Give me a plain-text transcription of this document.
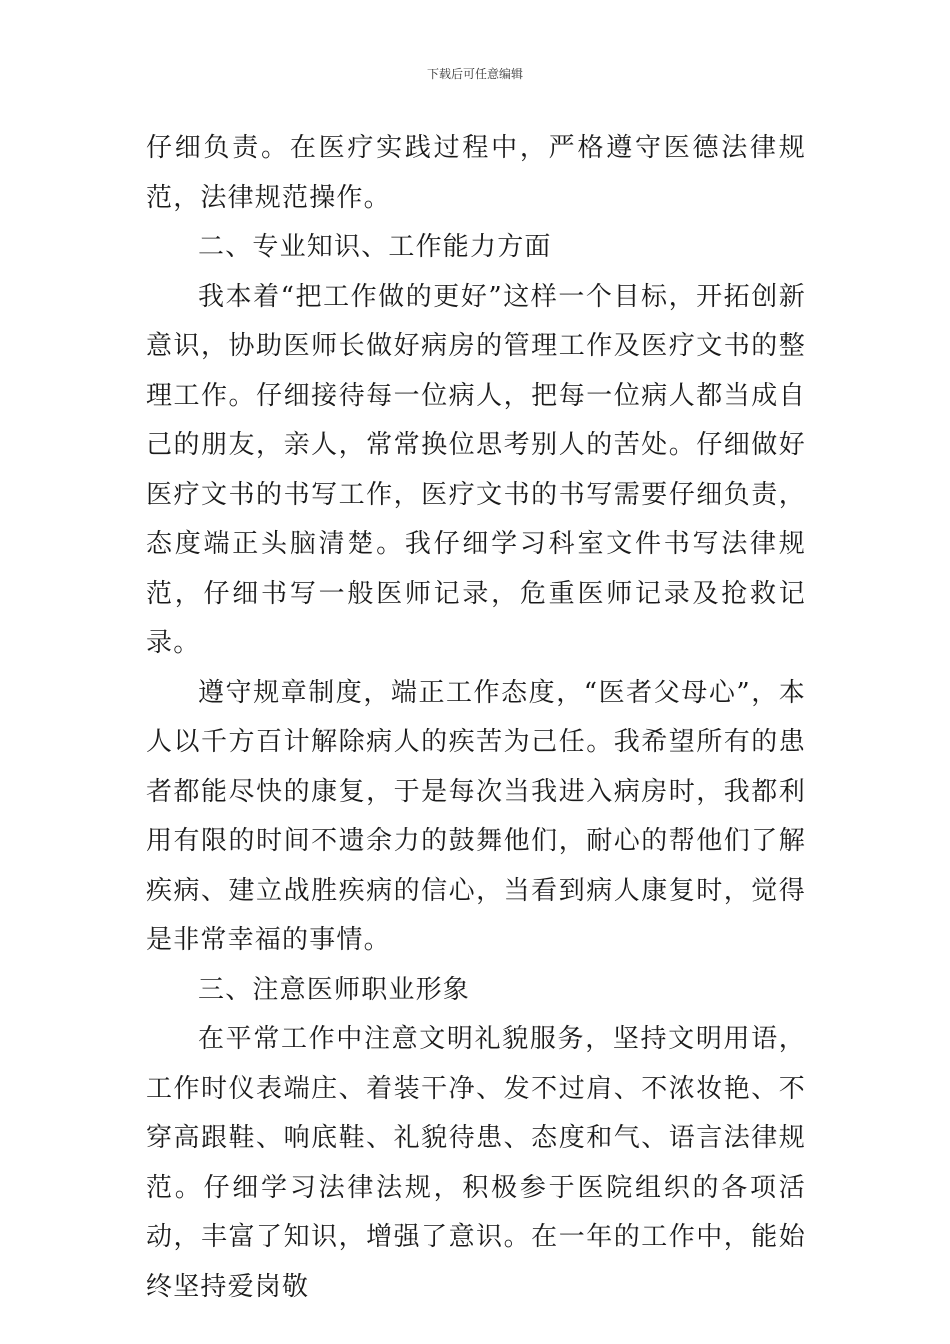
下载后可任意编辑

仔细负责。在医疗实践过程中，严格遵守医德法律规范，法律规范操作。

二、专业知识、工作能力方面

我本着“把工作做的更好”这样一个目标，开拓创新意识，协助医师长做好病房的管理工作及医疗文书的整理工作。仔细接待每一位病人，把每一位病人都当成自己的朋友，亲人，常常换位思考别人的苦处。仔细做好医疗文书的书写工作，医疗文书的书写需要仔细负责，态度端正头脑清楚。我仔细学习科室文件书写法律规范，仔细书写一般医师记录，危重医师记录及抢救记录。

遵守规章制度，端正工作态度，“医者父母心”，本人以千方百计解除病人的疾苦为己任。我希望所有的患者都能尽快的康复，于是每次当我进入病房时，我都利用有限的时间不遗余力的鼓舞他们，耐心的帮他们了解疾病、建立战胜疾病的信心，当看到病人康复时，觉得是非常幸福的事情。

三、注意医师职业形象

在平常工作中注意文明礼貌服务，坚持文明用语，工作时仪表端庄、着装干净、发不过肩、不浓妆艳、不穿高跟鞋、响底鞋、礼貌待患、态度和气、语言法律规范。仔细学习法律法规，积极参于医院组织的各项活动，丰富了知识，增强了意识。在一年的工作中，能始终坚持爱岗敬
